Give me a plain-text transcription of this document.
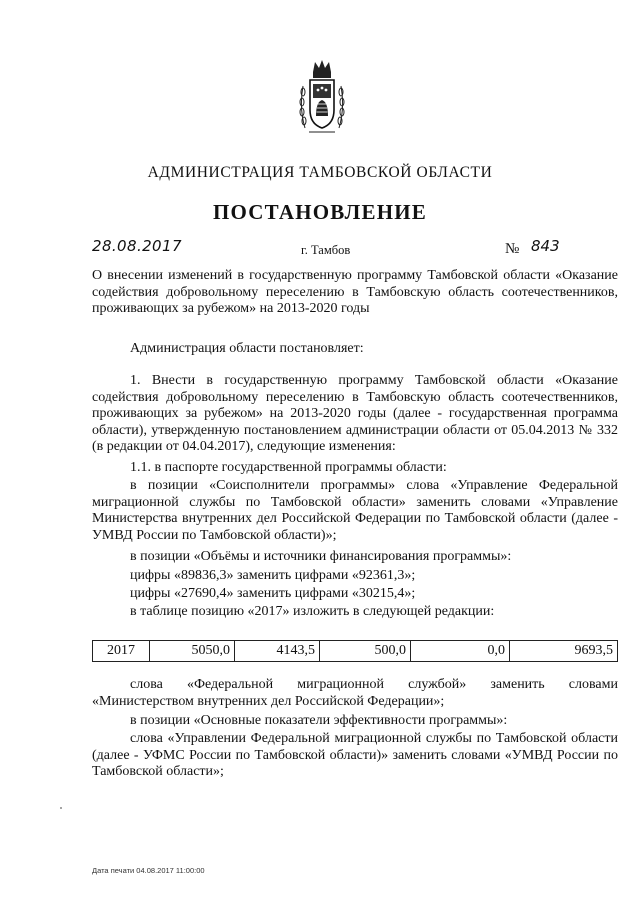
АДМИНИСТРАЦИЯ ТАМБОВСКОЙ ОБЛАСТИ
ПОСТАНОВЛЕНИЕ
28.08.2017	г. Тамбов	№ 843
О внесении изменений в государственную программу Тамбовской области «Оказание содействия добровольному переселению в Тамбовскую область соотечественников, проживающих за рубежом» на 2013-2020 годы
Администрация области постановляет:
1. Внести в государственную программу Тамбовской области «Оказание содействия добровольному переселению в Тамбовскую область соотечественников, проживающих за рубежом» на 2013-2020 годы (далее - государственная программа области), утвержденную постановлением администрации области от 05.04.2013 № 332 (в редакции от 04.04.2017), следующие изменения:
1.1. в паспорте государственной программы области:
в позиции «Соисполнители программы» слова «Управление Федеральной миграционной службы по Тамбовской области» заменить словами «Управление Министерства внутренних дел Российской Федерации по Тамбовской области (далее - УМВД России по Тамбовской области)»;
в позиции «Объёмы и источники финансирования программы»:
цифры «89836,3» заменить цифрами «92361,3»;
цифры «27690,4» заменить цифрами «30215,4»;
в таблице позицию «2017» изложить в следующей редакции:
2017	5050,0	4143,5	500,0	0,0	9693,5
слова «Федеральной миграционной службой» заменить словами «Министерством внутренних дел Российской Федерации»;
в позиции «Основные показатели эффективности программы»:
слова «Управлении Федеральной миграционной службы по Тамбовской области (далее - УФМС России по Тамбовской области)» заменить словами «УМВД России по Тамбовской области»;
Дата печати 04.08.2017 11:00:00
